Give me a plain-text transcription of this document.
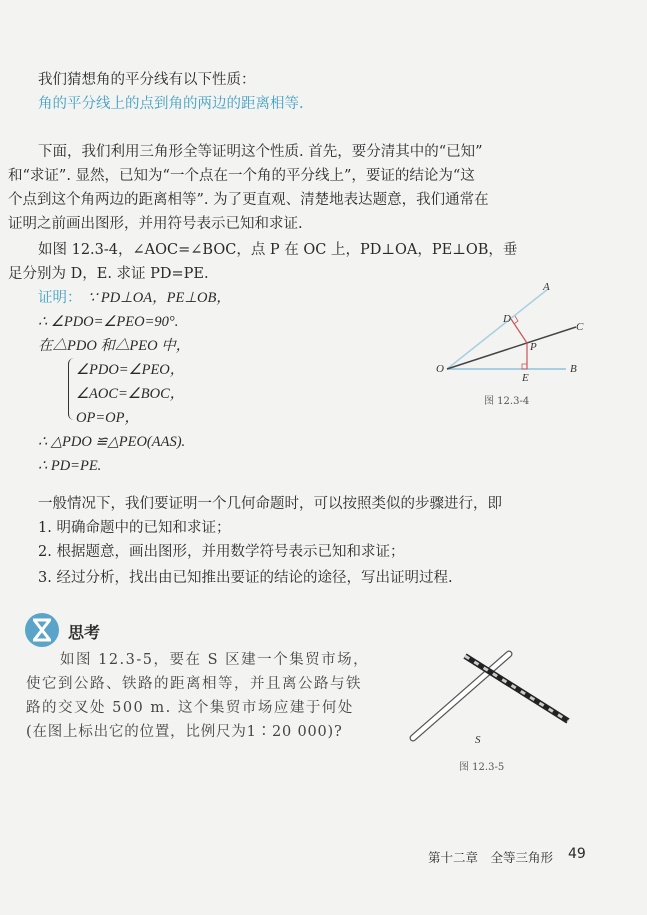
我们猜想角的平分线有以下性质：
角的平分线上的点到角的两边的距离相等.
下面，我们利用三角形全等证明这个性质. 首先，要分清其中的“已知”
和“求证”. 显然，已知为“一个点在一个角的平分线上”，要证的结论为“这
个点到这个角两边的距离相等”. 为了更直观、清楚地表达题意，我们通常在
证明之前画出图形，并用符号表示已知和求证.
如图 12.3-4，∠AOC=∠BOC，点 P 在 OC 上，PD⊥OA，PE⊥OB，垂
足分别为 D，E. 求证 PD=PE.
证明： ∵ PD⊥OA，PE⊥OB，
∴ ∠PDO=∠PEO=90°.
在△PDO 和△PEO 中，
∠PDO=∠PEO，
∠AOC=∠BOC，
OP=OP，
∴ △PDO ≌△PEO(AAS).
∴ PD=PE.
A
D
C
P
O	B
E
图 12.3-4
一般情况下，我们要证明一个几何命题时，可以按照类似的步骤进行，即
1. 明确命题中的已知和求证；
2. 根据题意，画出图形，并用数学符号表示已知和求证；
3. 经过分析，找出由已知推出要证的结论的途径，写出证明过程.
思考
如图 12.3-5，要在 S 区建一个集贸市场，
使它到公路、铁路的距离相等，并且离公路与铁
路的交叉处 500 m. 这个集贸市场应建于何处
(在图上标出它的位置，比例尺为1∶20 000)?	S
图 12.3-5
第十二章　全等三角形 49
